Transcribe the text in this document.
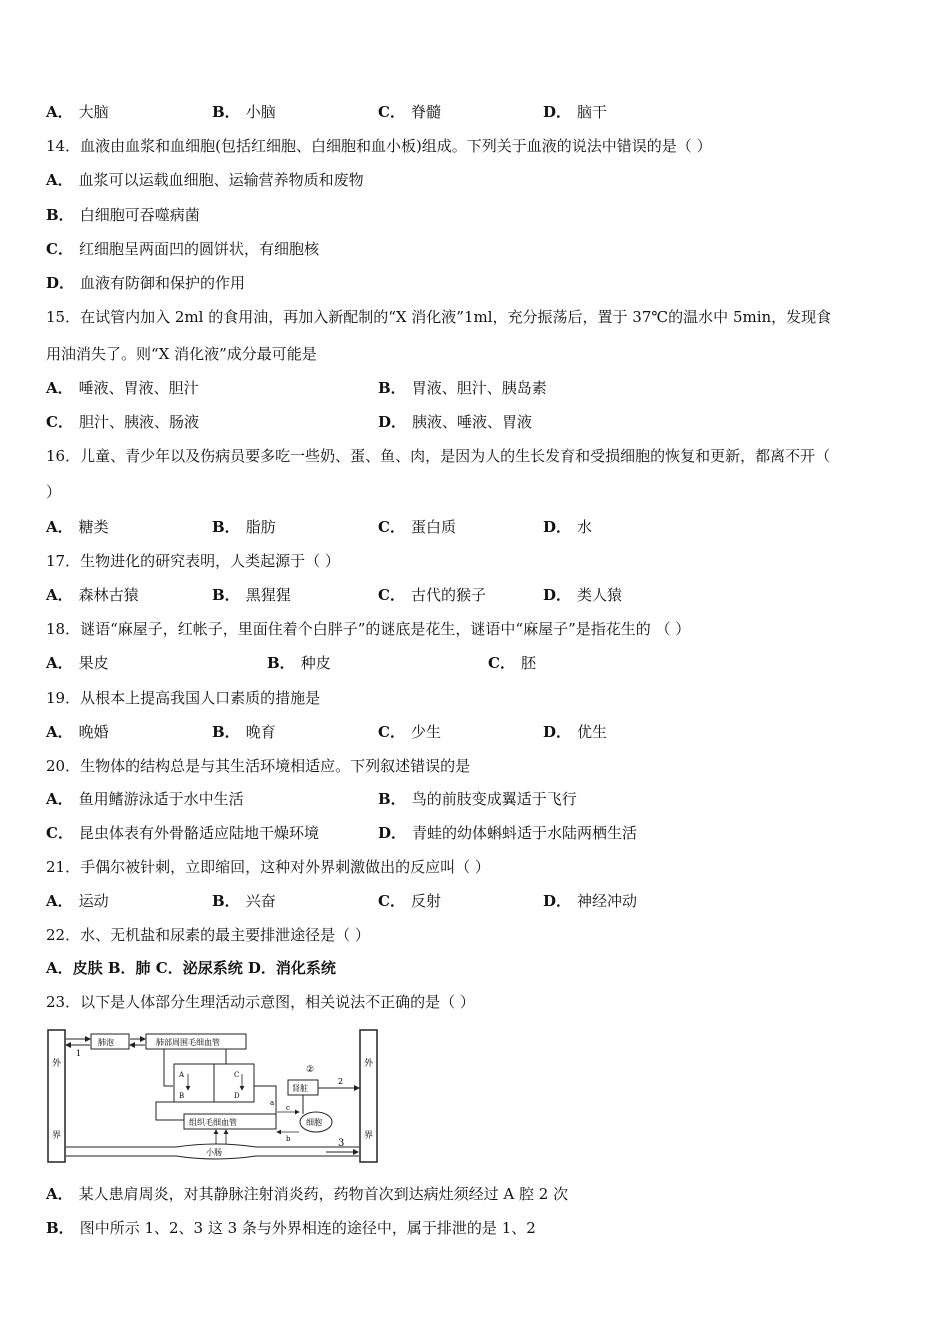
A． 大脑	B． 小脑	C． 脊髓	D． 脑干
14．血液由血浆和血细胞(包括红细胞、白细胞和血小板)组成。下列关于血液的说法中错误的是（ ）
A． 血浆可以运载血细胞、运输营养物质和废物
B． 白细胞可吞噬病菌
C． 红细胞呈两面凹的圆饼状，有细胞核
D． 血液有防御和保护的作用
15．在试管内加入 2ml 的食用油，再加入新配制的“X 消化液”1ml，充分振荡后，置于 37℃的温水中 5min，发现食
用油消失了。则“X 消化液”成分最可能是
A． 唾液、胃液、胆汁	B． 胃液、胆汁、胰岛素
C． 胆汁、胰液、肠液	D． 胰液、唾液、胃液
16．儿童、青少年以及伤病员要多吃一些奶、蛋、鱼、肉，是因为人的生长发育和受损细胞的恢复和更新，都离不开（
）
A． 糖类	B． 脂肪	C． 蛋白质	D． 水
17．生物进化的研究表明，人类起源于（ ）
A． 森林古猿	B． 黑猩猩	C． 古代的猴子	D． 类人猿
18．谜语“麻屋子，红帐子，里面住着个白胖子”的谜底是花生，谜语中“麻屋子”是指花生的 （ ）
A． 果皮	B． 种皮	C． 胚
19．从根本上提高我国人口素质的措施是
A． 晚婚	B． 晚育	C． 少生	D． 优生
20．生物体的结构总是与其生活环境相适应。下列叙述错误的是
A． 鱼用鳍游泳适于水中生活	B． 鸟的前肢变成翼适于飞行
C． 昆虫体表有外骨骼适应陆地干燥环境	D． 青蛙的幼体蝌蚪适于水陆两栖生活
21．手偶尔被针刺，立即缩回，这种对外界刺激做出的反应叫（ ）
A． 运动	B． 兴奋	C． 反射	D． 神经冲动
22．水、无机盐和尿素的最主要排泄途径是（ ）
A．皮肤 B．肺 C．泌尿系统 D．消化系统
23．以下是人体部分生理活动示意图，相关说法不正确的是（ ）
外
界
外
界
肺泡	肺部周围毛细血管
1
A
B
C
D
肾脏
②
2
组织毛细血管	细胞
c
b
a
小肠
3
A． 某人患肩周炎，对其静脉注射消炎药，药物首次到达病灶须经过 A 腔 2 次
B． 图中所示 1、2、3 这 3 条与外界相连的途径中，属于排泄的是 1、2
